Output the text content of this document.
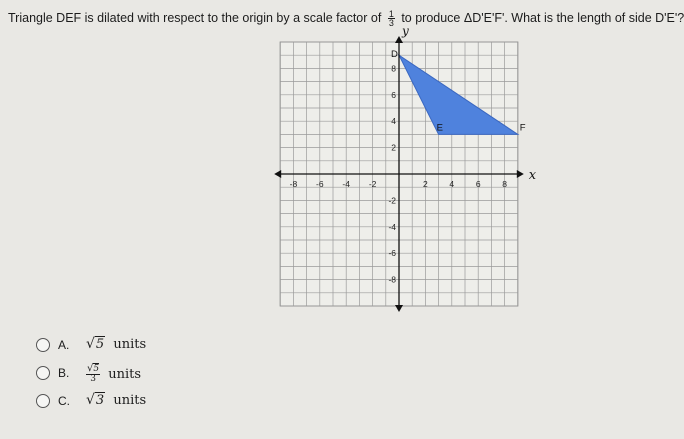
Triangle DEF is dilated with respect to the origin by a scale factor of $\frac{1}{3}$ to produce ΔD'E'F'. What is the length of side D'E'?
x
y
-8 -6 -4 -2	2	4	6	8
8
6
4
2
-2
-4
-6
-8
D
E	F
A. √5 units
B. $\frac{√5}{3}$ units
C. √3 units
